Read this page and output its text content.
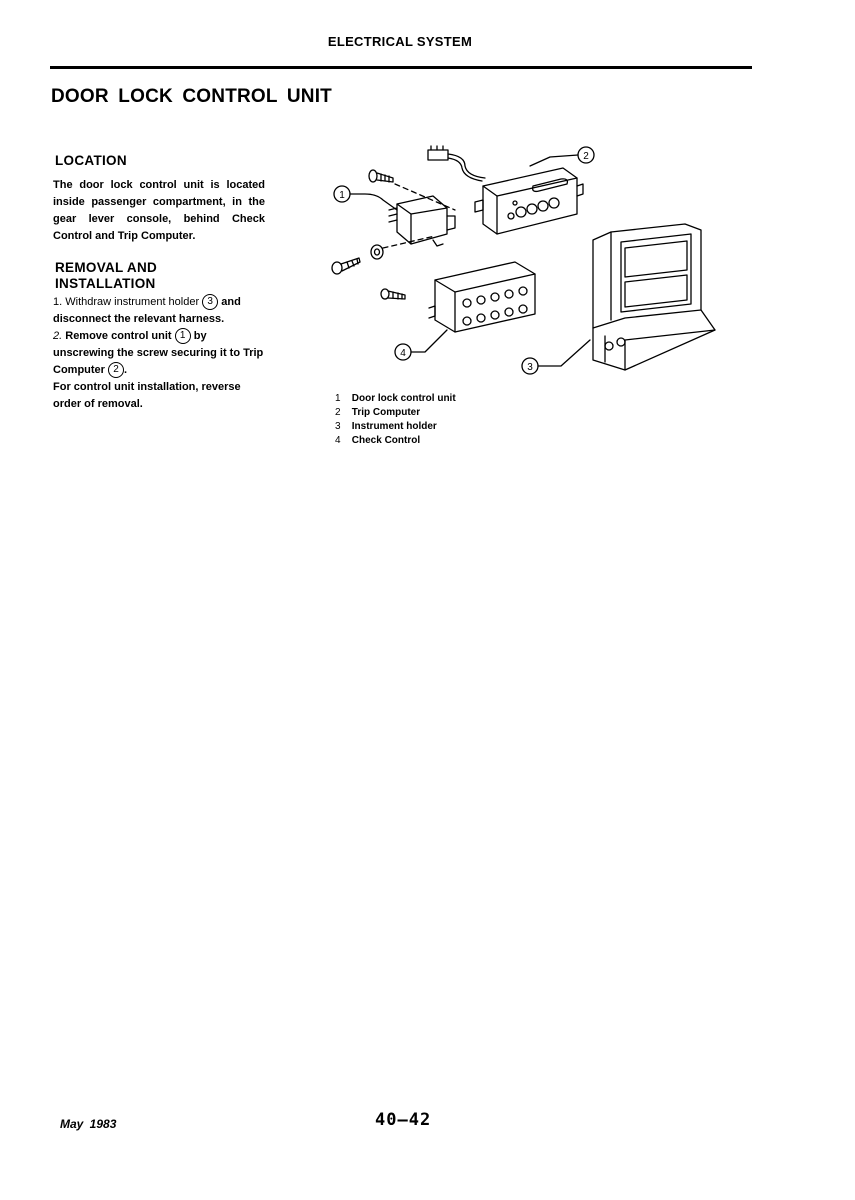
ELECTRICAL SYSTEM
DOOR LOCK CONTROL UNIT
LOCATION
The door lock control unit is located inside passenger compartment, in the gear lever console, behind Check Control and Trip Computer.
REMOVAL AND
INSTALLATION
1. Withdraw instrument holder 3 and disconnect the relevant harness.
2. Remove control unit 1 by unscrewing the screw securing it to Trip Computer 2 .
For control unit installation, reverse order of removal.
1
2
3
4
1 Door lock control unit
2 Trip Computer
3 Instrument holder
4 Check Control
May 1983	40–42
